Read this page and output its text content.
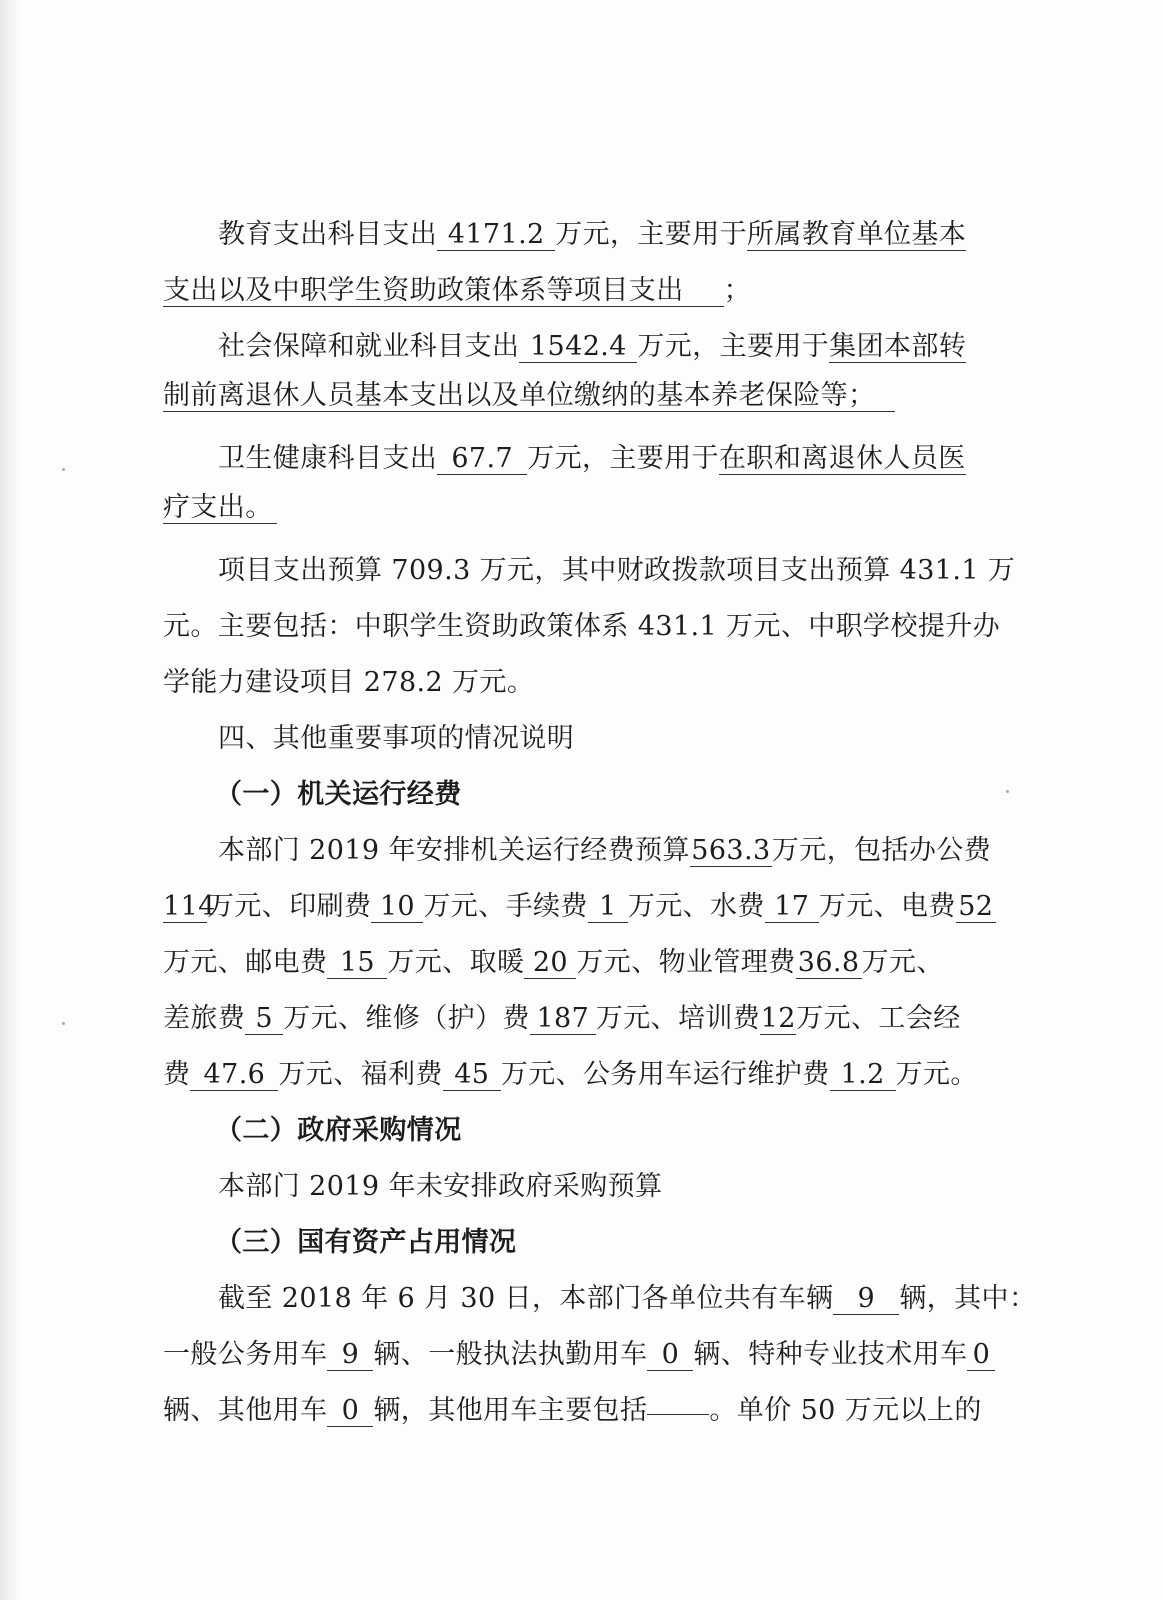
教育支出科目支出 4171.2 万元，主要用于所属教育单位基本
支出以及中职学生资助政策体系等项目支出 ；
社会保障和就业科目支出 1542.4 万元，主要用于集团本部转
制前离退休人员基本支出以及单位缴纳的基本养老保险等；
卫生健康科目支出 67.7 万元，主要用于在职和离退休人员医
疗支出。
项目支出预算 709.3 万元，其中财政拨款项目支出预算 431.1 万
元。主要包括：中职学生资助政策体系 431.1 万元、中职学校提升办
学能力建设项目 278.2 万元。
四、其他重要事项的情况说明
（一）机关运行经费
本部门 2019 年安排机关运行经费预算563.3万元，包括办公费
114万元、印刷费 10 万元、手续费 1 万元、水费 17 万元、电费52
万元、邮电费 15 万元、取暖 20 万元、物业管理费36.8万元、
差旅费 5 万元、维修（护）费 187 万元、培训费12万元、工会经
费 47.6 万元、福利费 45 万元、公务用车运行维护费 1.2 万元。
（二）政府采购情况
本部门 2019 年未安排政府采购预算
（三）国有资产占用情况
截至 2018 年 6 月 30 日，本部门各单位共有车辆 9 辆，其中：
一般公务用车 9 辆、一般执法执勤用车 0 辆、特种专业技术用车 0
辆、其他用车 0 辆，其他用车主要包括 。单价 50 万元以上的
